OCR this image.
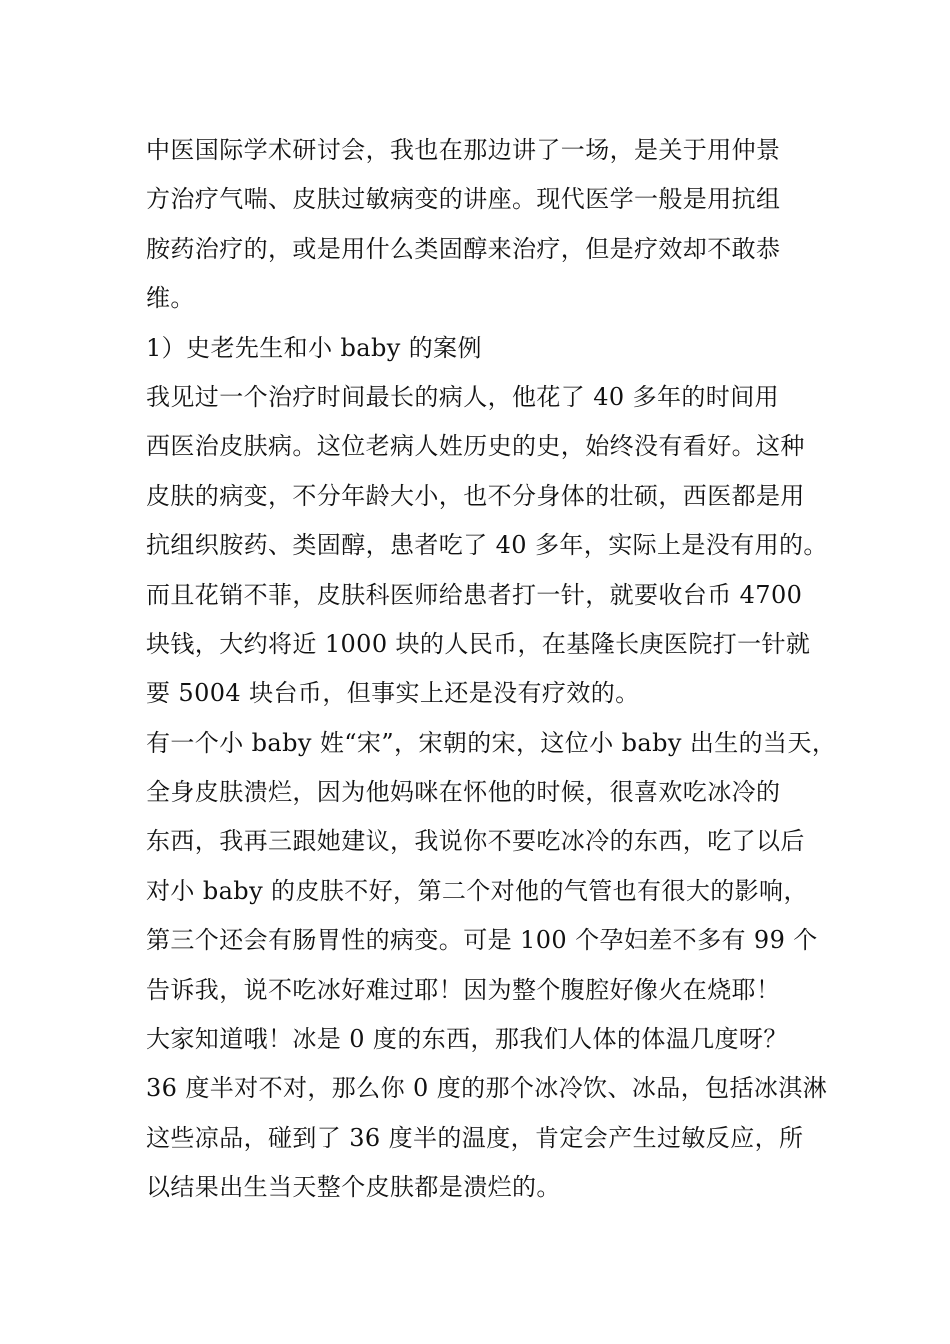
中医国际学术研讨会，我也在那边讲了一场，是关于用仲景
方治疗气喘、皮肤过敏病变的讲座。现代医学一般是用抗组
胺药治疗的，或是用什么类固醇来治疗，但是疗效却不敢恭
维。
1）史老先生和小 baby 的案例
我见过一个治疗时间最长的病人，他花了 40 多年的时间用
西医治皮肤病。这位老病人姓历史的史，始终没有看好。这种
皮肤的病变，不分年龄大小，也不分身体的壮硕，西医都是用
抗组织胺药、类固醇，患者吃了 40 多年，实际上是没有用的。
而且花销不菲，皮肤科医师给患者打一针，就要收台币 4700
块钱，大约将近 1000 块的人民币，在基隆长庚医院打一针就
要 5004 块台币，但事实上还是没有疗效的。
有一个小 baby 姓“宋”，宋朝的宋，这位小 baby 出生的当天，
全身皮肤溃烂，因为他妈咪在怀他的时候，很喜欢吃冰冷的
东西，我再三跟她建议，我说你不要吃冰冷的东西，吃了以后
对小 baby 的皮肤不好，第二个对他的气管也有很大的影响，
第三个还会有肠胃性的病变。可是 100 个孕妇差不多有 99 个
告诉我，说不吃冰好难过耶！因为整个腹腔好像火在烧耶！
大家知道哦！冰是 0 度的东西，那我们人体的体温几度呀？
36 度半对不对，那么你 0 度的那个冰冷饮、冰品，包括冰淇淋
这些凉品，碰到了 36 度半的温度，肯定会产生过敏反应，所
以结果出生当天整个皮肤都是溃烂的。
